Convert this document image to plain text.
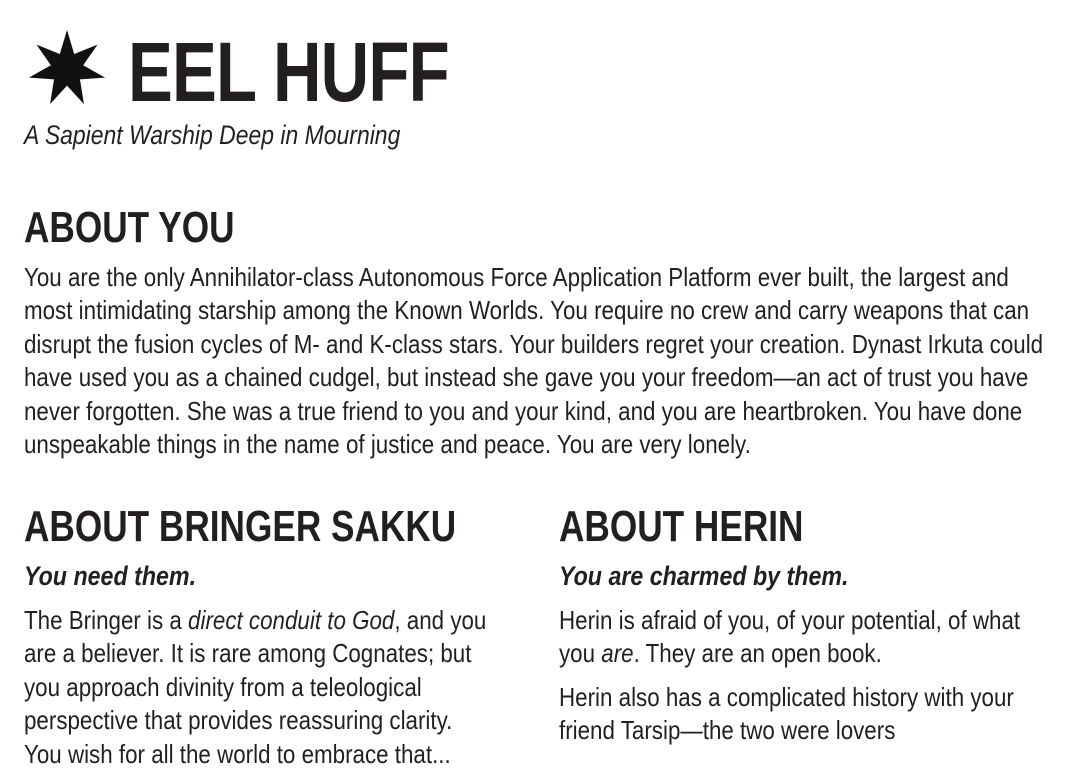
EEL HUFF

A Sapient Warship Deep in Mourning

ABOUT YOU

You are the only Annihilator-class Autonomous Force Application Platform ever built, the largest and most intimidating starship among the Known Worlds. You require no crew and carry weapons that can disrupt the fusion cycles of M- and K-class stars. Your builders regret your creation. Dynast Irkuta could have used you as a chained cudgel, but instead she gave you your freedom—an act of trust you have never forgotten. She was a true friend to you and your kind, and you are heartbroken. You have done unspeakable things in the name of justice and peace. You are very lonely.

ABOUT BRINGER SAKKU

You need them.

The Bringer is a direct conduit to God, and you are a believer. It is rare among Cognates; but you approach divinity from a teleological perspective that provides reassuring clarity. You wish for all the world to embrace that...

ABOUT HERIN

You are charmed by them.

Herin is afraid of you, of your potential, of what you are. They are an open book.

Herin also has a complicated history with your friend Tarsip—the two were lovers
